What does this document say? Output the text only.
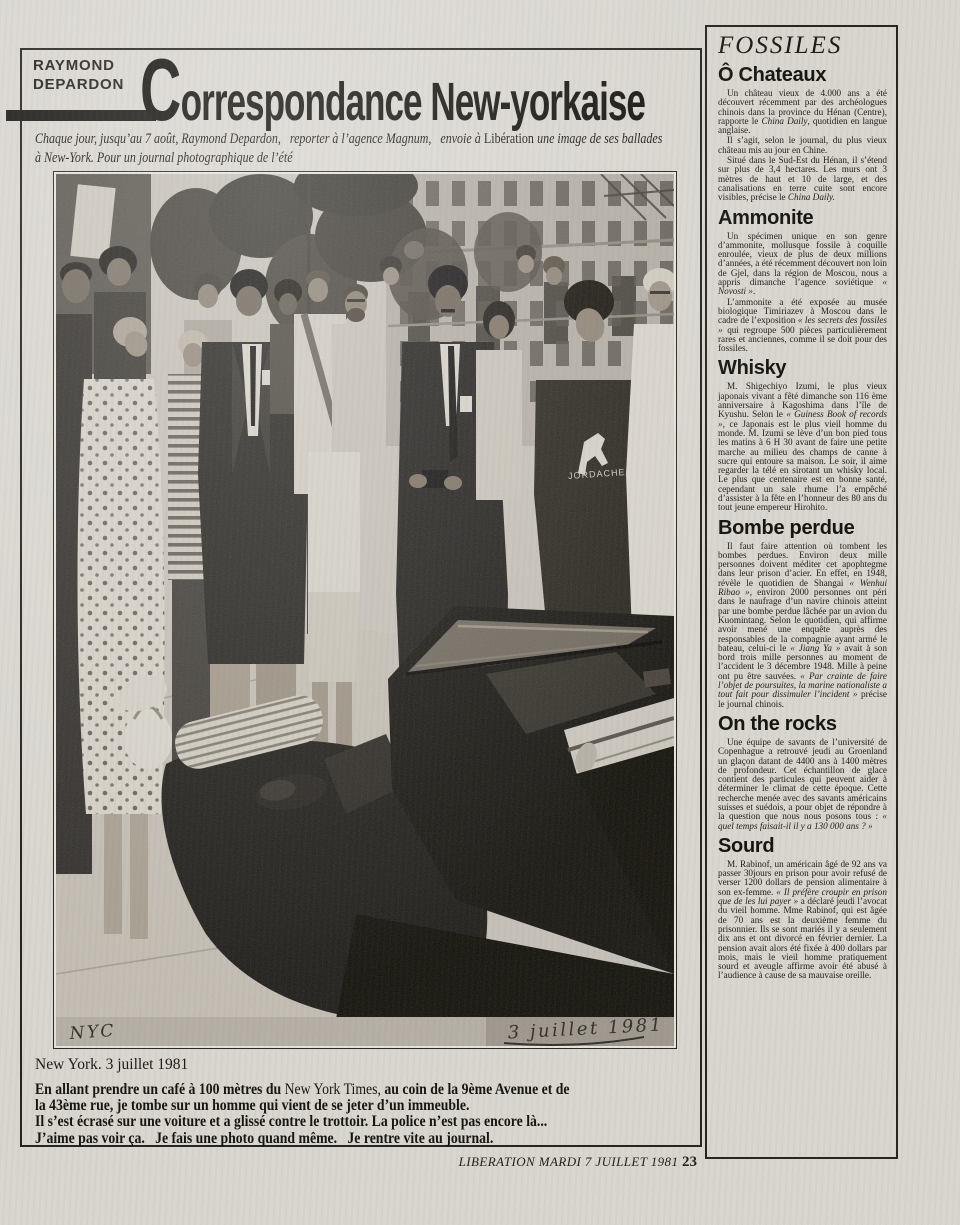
RAYMOND
DEPARDON C orrespondance New-yorkaise
Chaque jour, jusqu’au 7 août, Raymond Depardon,  reporter à l’agence Magnum,  envoie à Libération une image de ses ballades
à New-York. Pour un journal photographique de l’été
New York. 3 juillet 1981
En allant prendre un café à 100 mètres du New York Times, au coin de la 9ème Avenue et de
la 43ème rue, je tombe sur un homme qui vient de se jeter d’un immeuble.
Il s’est écrasé sur une voiture et a glissé contre le trottoir. La police n’est pas encore là...
J’aime pas voir ça.  Je fais une photo quand même.  Je rentre vite au journal.
LIBERATION MARDI 7 JUILLET 1981 23
FOSSILES
Ô Chateaux

Un château vieux de 4.000 ans a été découvert récemment par des archéologues chinois dans la province du Hénan (Centre), rapporte le China Daily, quotidien en langue anglaise.

Il s’agit, selon le journal, du plus vieux château mis au jour en Chine.

Situé dans le Sud-Est du Hénan, il s’étend sur plus de 3,4 hectares. Les murs ont 3 mètres de haut et 10 de large, et des canalisations en terre cuite sont encore visibles, précise le China Daily.

Ammonite

Un spécimen unique en son genre d’ammonite, mollusque fossile à coquille enroulée, vieux de plus de deux millions d’années, a été récemment découvert non loin de Gjel, dans la région de Moscou, nous a appris dimanche l’agence soviétique « Novosti ».

L’ammonite a été exposée au musée biologique Timiriazev à Moscou dans le cadre de l’exposition « les secrets des fossiles » qui regroupe 500 pièces particulièrement rares et anciennes, comme il se doit pour des fossiles.

Whisky

M. Shigechiyo Izumi, le plus vieux japonais vivant a fêté dimanche son 116 ème anniversaire à Kagoshima dans l’île de Kyushu. Selon le « Guiness Book of records », ce Japonais est le plus vieil homme du monde. M. Izumi se lève d’un bon pied tous les matins à 6 H 30 avant de faire une petite marche au milieu des champs de canne à sucre qui entoure sa maison. Le soir, il aime regarder la télé en sirotant un whisky local. Le plus que centenaire est en bonne santé, cependant un sale rhume l’a empêché d’assister à la fête en l’honneur des 80 ans du tout jeune empereur Hirohito.

Bombe perdue

Il faut faire attention où tombent les bombes perdues. Environ deux mille personnes doivent méditer cet apophtegme dans leur prison d’acier. En effet, en 1948, révèle le quotidien de Shangai « Wenhui Ribao », environ 2000 personnes ont péri dans le naufrage d’un navire chinois atteint par une bombe perdue lâchée par un avion du Kuomintang. Selon le quotidien, qui affirme avoir mené une enquête auprès des responsables de la compagnie ayant armé le bateau, celui-ci le « Jiang Ya » avait à son bord trois mille personnes au moment de l’accident le 3 décembre 1948. Mille à peine ont pu être sauvées. « Par crainte de faire l’objet de poursuites, la marine nationaliste a tout fait pour dissimuler l’incident » précise le journal chinois.

On the rocks

Une équipe de savants de l’université de Copenhague a retrouvé jeudi au Groenland un glaçon datant de 4400 ans à 1400 mètres de profondeur. Cet échantillon de glace contient des particules qui peuvent aider à déterminer le climat de cette époque. Cette recherche menée avec des savants américains suisses et suédois, a pour objet de répondre à la question que nous nous posons tous : « quel temps faisait-il il y a 130 000 ans ? »

Sourd

M. Rabinof, un américain âgé de 92 ans va passer 30jours en prison pour avoir refusé de verser 1200 dollars de pension alimentaire à son ex-femme. « Il préfère croupir en prison que de les lui payer » a déclaré jeudi l’avocat du vieil homme. Mme Rabinof, qui est âgée de 70 ans est la deuxième femme du prisonnier. Ils se sont mariés il y a seulement dix ans et ont divorcé en février dernier. La pension avait alors été fixée à 400 dollars par mois, mais le vieil homme pratiquement sourd et aveugle affirme avoir été abusé à l’audience à cause de sa mauvaise oreille.
